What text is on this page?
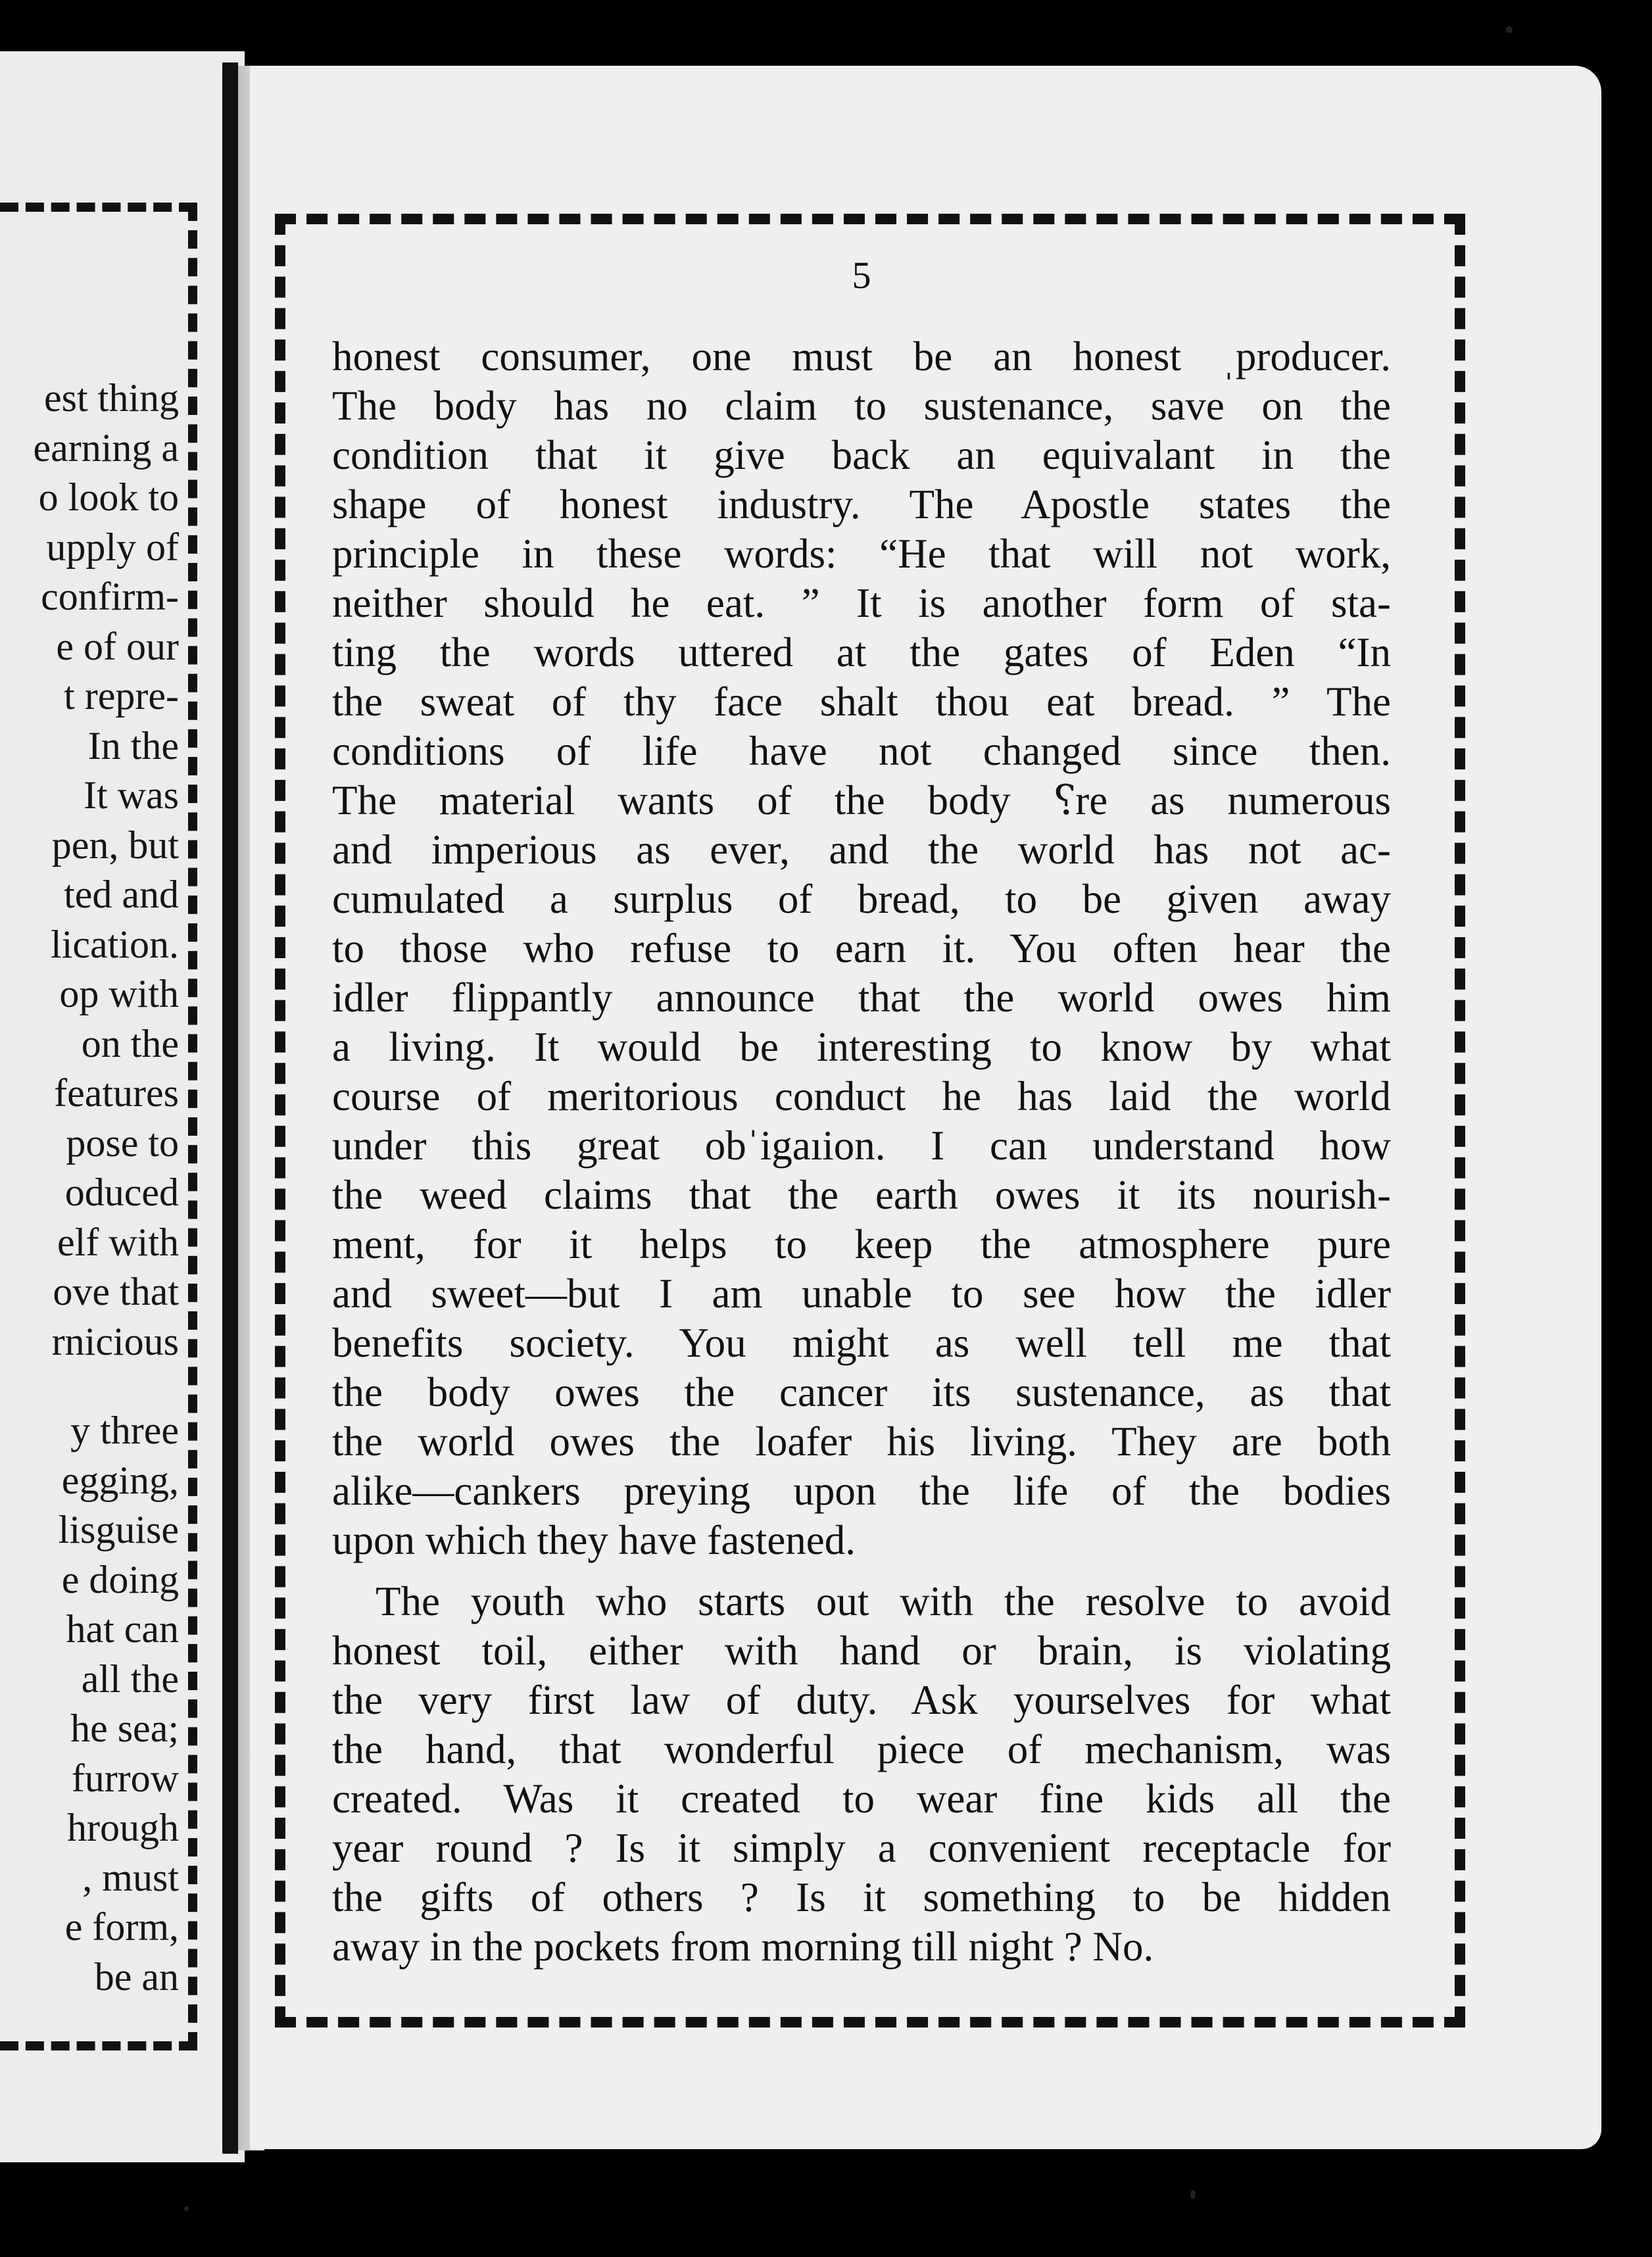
est thing
earning a
o look to
upply of
confirm-
e of our
t repre-
In the
It was
pen, but
ted and
lication.
op with
on the
features
pose to
oduced
elf with
ove that
rnicious
y three
egging,
lisguise
e doing
hat can
all the
he sea;
furrow
hrough
, must
e form,
be an
5
honest consumer, one must be an honest ˌproducer.
The body has no claim to sustenance, save on the
condition that it give back an equivalant in the
shape of honest industry. The Apostle states the
principle in these words: “He that will not work,
neither should he eat. ” It is another form of sta-
ting the words uttered at the gates of Eden “In
the sweat of thy face shalt thou eat bread. ” The
conditions of life have not changed since then.
The material wants of the body ⸮re as numerous
and imperious as ever, and the world has not ac-
cumulated a surplus of bread, to be given away
to those who refuse to earn it. You often hear the
idler flippantly announce that the world owes him
a living. It would be interesting to know by what
course of meritorious conduct he has laid the world
under this great obˈigaıion. I can understand how
the weed claims that the earth owes it its nourish-
ment, for it helps to keep the atmosphere pure
and sweet—but I am unable to see how the idler
benefits society. You might as well tell me that
the body owes the cancer its sustenance, as that
the world owes the loafer his living. They are both
alike—cankers preying upon the life of the bodies
upon which they have fastened.
The youth who starts out with the resolve to avoid
honest toil, either with hand or brain, is violating
the very first law of duty. Ask yourselves for what
the hand, that wonderful piece of mechanism, was
created. Was it created to wear fine kids all the
year round ? Is it simply a convenient receptacle for
the gifts of others ? Is it something to be hidden
away in the pockets from morning till night ? No.
